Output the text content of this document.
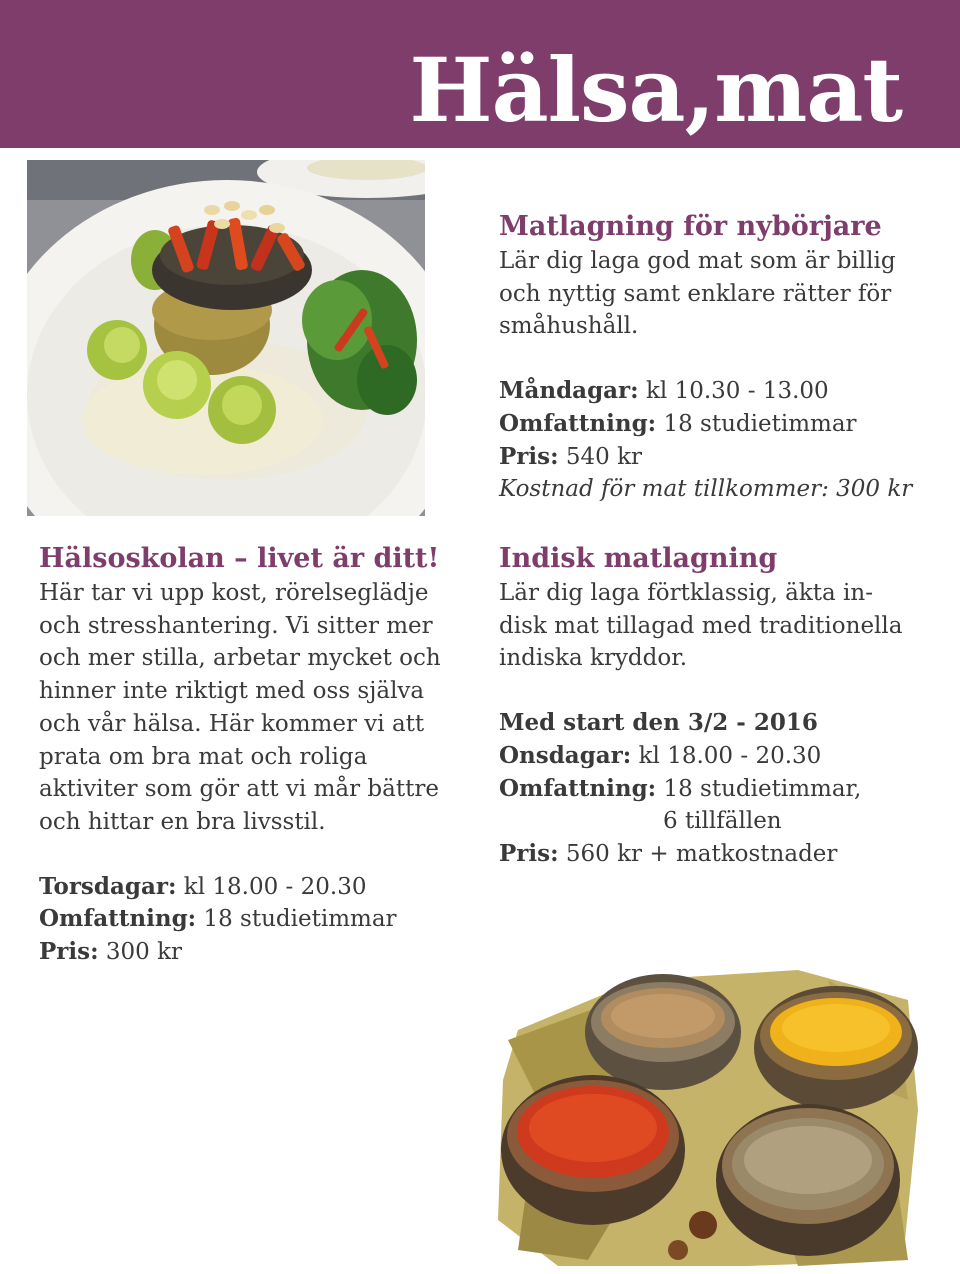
Hälsa,mat
Matlagning för nybörjare
Lär dig laga god mat som är billig
och nyttig samt enklare rätter för
småhushåll.
Måndagar: kl 10.30 - 13.00
Omfattning: 18 studietimmar
Pris: 540 kr
Kostnad för mat tillkommer: 300 kr
Hälsoskolan – livet är ditt!
Här tar vi upp kost, rörelseglädje
och stresshantering. Vi sitter mer
och mer stilla, arbetar mycket och
hinner inte riktigt med oss själva
och vår hälsa. Här kommer vi att
prata om bra mat och roliga
aktiviter som gör att vi mår bättre
och hittar en bra livsstil.
Torsdagar: kl 18.00 - 20.30
Omfattning: 18 studietimmar
Pris: 300 kr
Indisk matlagning
Lär dig laga förtklassig, äkta in-
disk mat tillagad med traditionella
indiska kryddor.
Med start den 3/2 - 2016
Onsdagar: kl 18.00 - 20.30
Omfattning: 18 studietimmar,
6 tillfällen
Pris: 560 kr + matkostnader
